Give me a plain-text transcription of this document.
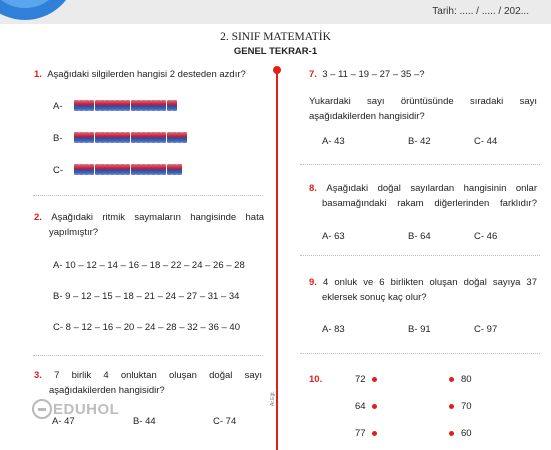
Tarih: ..... / ..... / 202...
2. SINIF MATEMATİK
GENEL TEKRAR-1
Ar.Eğt.
1. Aşağıdaki silgilerden hangisi 2 desteden azdır?
A-
B-
C-
2. Aşağıdaki ritmik saymaların hangisinde hata
yapılmıştır?
A- 10 – 12 – 14 – 16 – 18 – 22 – 24 – 26 – 28
B- 9 – 12 – 15 – 18 – 21 – 24 – 27 – 31 – 34
C- 8 – 12 – 16 – 20 – 24 – 28 – 32 – 36 – 40
3. 7 birlik 4 onluktan oluşan doğal sayı
aşağıdakilerden hangisidir?
A- 47	B- 44	C- 74
EDUHOL
7. 3 – 11 – 19 – 27 – 35 –?
Yukardaki sayı örüntüsünde sıradaki sayı
aşağıdakilerden hangisidir?
A- 43	B- 42	C- 44
8. Aşağıdaki doğal sayılardan hangisinin onlar
basamağındaki rakam diğerlerinden farklıdır?
A- 63	B- 64	C- 46
9. 4 onluk ve 6 birlikten oluşan doğal sayıya 37
eklersek sonuç kaç olur?
A- 83	B- 91	C- 97
10.	72	80
64	70
77	60
